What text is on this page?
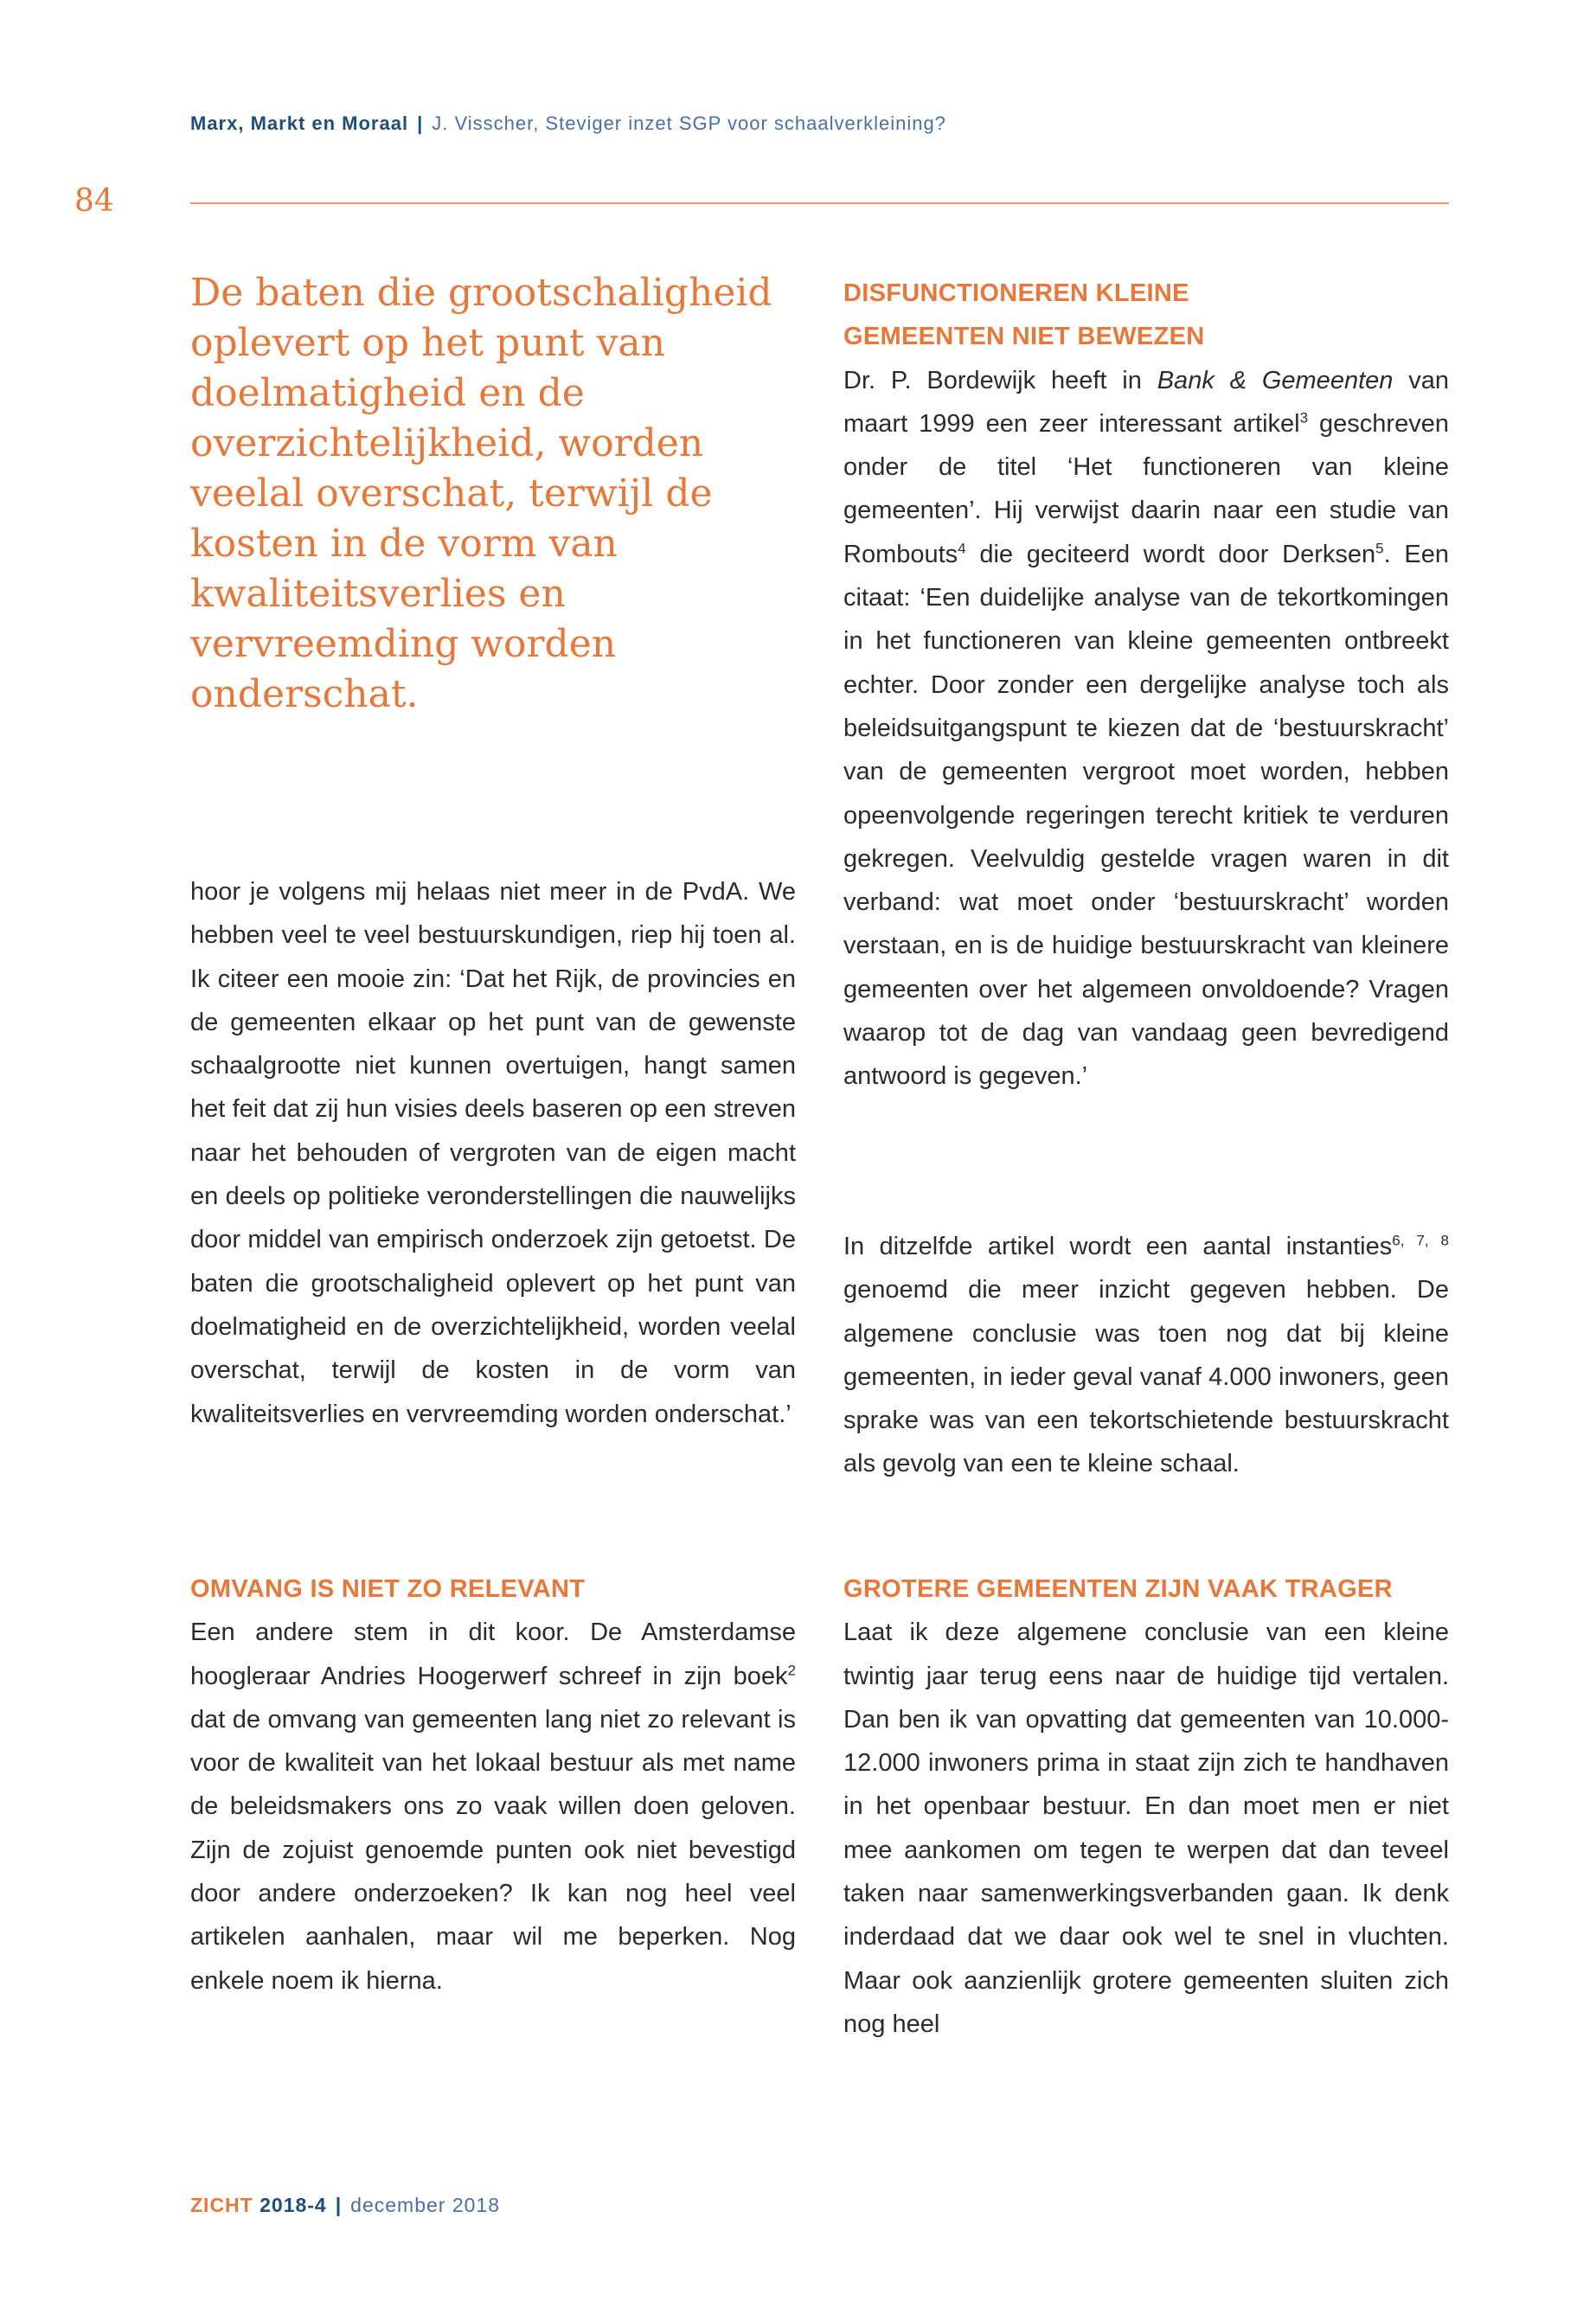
Marx, Markt en Moraal | J. Visscher, Steviger inzet SGP voor schaalverkleining?
84
De baten die grootschaligheid oplevert op het punt van doelmatigheid en de overzichtelijkheid, worden veelal overschat, terwijl de kosten in de vorm van kwaliteitsverlies en vervreemding worden onderschat.

hoor je volgens mij helaas niet meer in de PvdA. We hebben veel te veel bestuurskundigen, riep hij toen al. Ik citeer een mooie zin: ‘Dat het Rijk, de provincies en de gemeenten elkaar op het punt van de gewenste schaalgrootte niet kunnen overtuigen, hangt samen het feit dat zij hun visies deels baseren op een streven naar het behouden of vergroten van de eigen macht en deels op politieke veronderstellingen die nauwelijks door middel van empirisch onderzoek zijn getoetst. De baten die grootschaligheid oplevert op het punt van doelmatigheid en de overzichtelijkheid, worden veelal overschat, terwijl de kosten in de vorm van kwaliteitsverlies en vervreemding worden onderschat.’

OMVANG IS NIET ZO RELEVANT

Een andere stem in dit koor. De Amsterdamse hoogleraar Andries Hoogerwerf schreef in zijn boek$^2$ dat de omvang van gemeenten lang niet zo relevant is voor de kwaliteit van het lokaal bestuur als met name de beleidsmakers ons zo vaak willen doen geloven. Zijn de zojuist genoemde punten ook niet bevestigd door andere onderzoeken? Ik kan nog heel veel artikelen aanhalen, maar wil me beperken. Nog enkele noem ik hierna.

DISFUNCTIONEREN KLEINE
GEMEENTEN NIET BEWEZEN

Dr. P. Bordewijk heeft in Bank & Gemeenten van maart 1999 een zeer interessant artikel$^3$ geschreven onder de titel ‘Het functioneren van kleine gemeenten’. Hij verwijst daarin naar een studie van Rombouts$^4$ die geciteerd wordt door Derksen$^5$. Een citaat: ‘Een duidelijke analyse van de tekortkomingen in het functioneren van kleine gemeenten ontbreekt echter. Door zonder een dergelijke analyse toch als beleidsuitgangspunt te kiezen dat de ‘bestuurskracht’ van de gemeenten vergroot moet worden, hebben opeenvolgende regeringen terecht kritiek te verduren gekregen. Veelvuldig gestelde vragen waren in dit verband: wat moet onder ‘bestuurskracht’ worden verstaan, en is de huidige bestuurskracht van kleinere gemeenten over het algemeen onvoldoende? Vragen waarop tot de dag van vandaag geen bevredigend antwoord is gegeven.’

In ditzelfde artikel wordt een aantal instanties$^{6, 7, 8}$ genoemd die meer inzicht gegeven hebben. De algemene conclusie was toen nog dat bij kleine gemeenten, in ieder geval vanaf 4.000 inwoners, geen sprake was van een tekortschietende bestuurskracht als gevolg van een te kleine schaal.

GROTERE GEMEENTEN ZIJN VAAK TRAGER

Laat ik deze algemene conclusie van een kleine twintig jaar terug eens naar de huidige tijd vertalen. Dan ben ik van opvatting dat gemeenten van 10.000-12.000 inwoners prima in staat zijn zich te handhaven in het openbaar bestuur. En dan moet men er niet mee aankomen om tegen te werpen dat dan teveel taken naar samenwerkingsverbanden gaan. Ik denk inderdaad dat we daar ook wel te snel in vluchten. Maar ook aanzienlijk grotere gemeenten sluiten zich nog heel

ZICHT 2018-4 | december 2018
